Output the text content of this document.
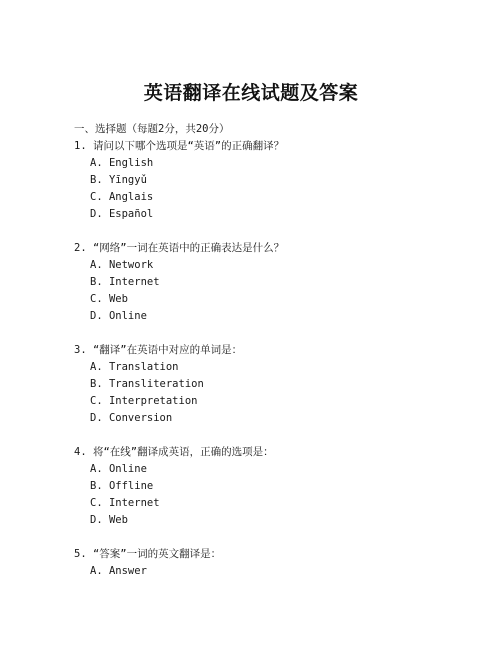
英语翻译在线试题及答案
一、选择题（每题2分，共20分）
1. 请问以下哪个选项是“英语”的正确翻译？
A. English
B. Yīngyǔ
C. Anglais
D. Español
2. “网络”一词在英语中的正确表达是什么？
A. Network
B. Internet
C. Web
D. Online
3. “翻译”在英语中对应的单词是：
A. Translation
B. Transliteration
C. Interpretation
D. Conversion
4. 将“在线”翻译成英语，正确的选项是：
A. Online
B. Offline
C. Internet
D. Web
5. “答案”一词的英文翻译是：
A. Answer
